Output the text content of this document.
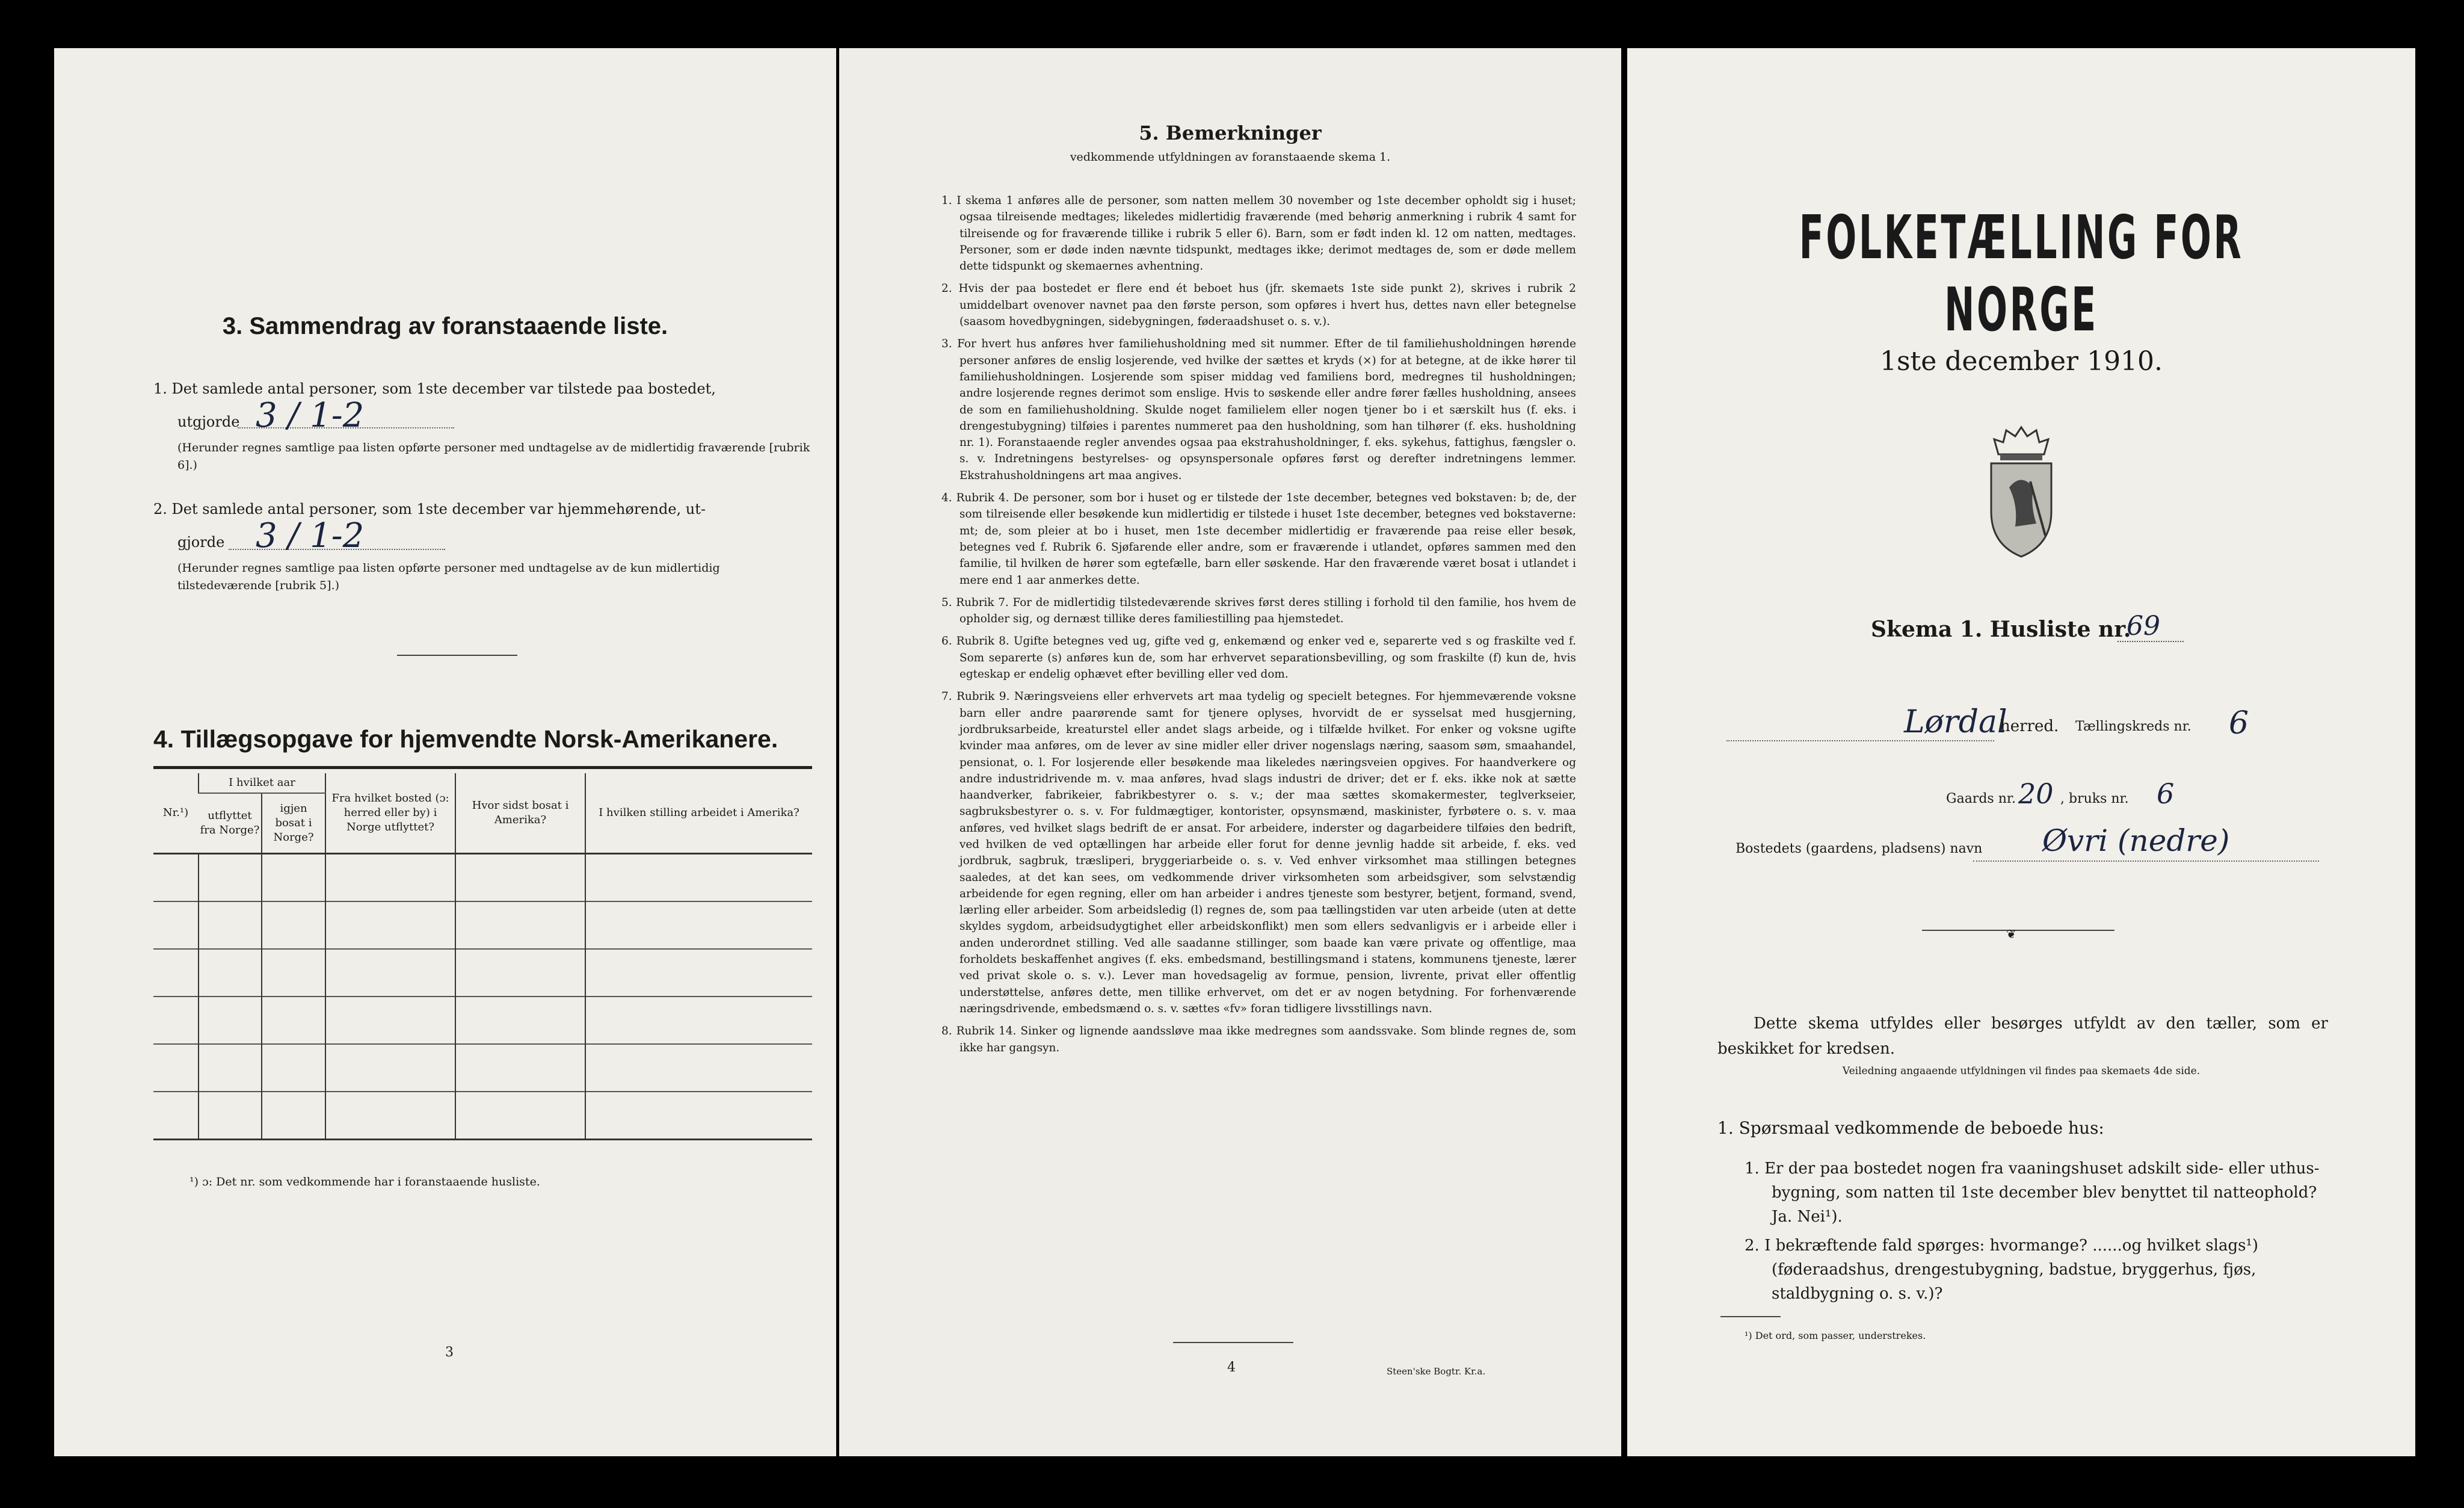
3. Sammendrag av foranstaaende liste.
1. Det samlede antal personer, som 1ste december var tilstede paa bostedet,
utgjorde 3 / 1-2
(Herunder regnes samtlige paa listen opførte personer med undtagelse av de midlertidig fraværende [rubrik 6].)
2. Det samlede antal personer, som 1ste december var hjemmehørende, ut-
gjorde 3 / 1-2
(Herunder regnes samtlige paa listen opførte personer med undtagelse av de kun midlertidig tilstedeværende [rubrik 5].)
4. Tillægsopgave for hjemvendte Norsk-Amerikanere.
Nr.¹)	I hvilket aar		Fra hvilket bosted (ɔ: herred eller by) i Norge utflyttet?	Hvor sidst bosat i Amerika?	I hvilken stilling arbeidet i Amerika?
	utflyttet fra Norge?	igjen bosat i Norge?			

¹) ɔ: Det nr. som vedkommende har i foranstaaende husliste.
3
5. Bemerkninger
vedkommende utfyldningen av foranstaaende skema 1.

1. I skema 1 anføres alle de personer, som natten mellem 30 november og 1ste december opholdt sig i huset; ogsaa tilreisende medtages; likeledes midlertidig fraværende (med behørig anmerkning i rubrik 4 samt for tilreisende og for fraværende tillike i rubrik 5 eller 6). Barn, som er født inden kl. 12 om natten, medtages. Personer, som er døde inden nævnte tidspunkt, medtages ikke; derimot medtages de, som er døde mellem dette tidspunkt og skemaernes avhentning.

2. Hvis der paa bostedet er flere end ét beboet hus (jfr. skemaets 1ste side punkt 2), skrives i rubrik 2 umiddelbart ovenover navnet paa den første person, som opføres i hvert hus, dettes navn eller betegnelse (saasom hovedbygningen, sidebygningen, føderaadshuset o. s. v.).

3. For hvert hus anføres hver familiehusholdning med sit nummer. Efter de til familiehusholdningen hørende personer anføres de enslig losjerende, ved hvilke der sættes et kryds (×) for at betegne, at de ikke hører til familiehusholdningen. Losjerende som spiser middag ved familiens bord, medregnes til husholdningen; andre losjerende regnes derimot som enslige. Hvis to søskende eller andre fører fælles husholdning, ansees de som en familiehusholdning. Skulde noget familielem eller nogen tjener bo i et særskilt hus (f. eks. i drengestubygning) tilføies i parentes nummeret paa den husholdning, som han tilhører (f. eks. husholdning nr. 1). Foranstaaende regler anvendes ogsaa paa ekstrahusholdninger, f. eks. sykehus, fattighus, fængsler o. s. v. Indretningens bestyrelses- og opsynspersonale opføres først og derefter indretningens lemmer. Ekstrahusholdningens art maa angives.

4. Rubrik 4. De personer, som bor i huset og er tilstede der 1ste december, betegnes ved bokstaven: b; de, der som tilreisende eller besøkende kun midlertidig er tilstede i huset 1ste december, betegnes ved bokstaverne: mt; de, som pleier at bo i huset, men 1ste december midlertidig er fraværende paa reise eller besøk, betegnes ved f. Rubrik 6. Sjøfarende eller andre, som er fraværende i utlandet, opføres sammen med den familie, til hvilken de hører som egtefælle, barn eller søskende. Har den fraværende været bosat i utlandet i mere end 1 aar anmerkes dette.

5. Rubrik 7. For de midlertidig tilstedeværende skrives først deres stilling i forhold til den familie, hos hvem de opholder sig, og dernæst tillike deres familiestilling paa hjemstedet.

6. Rubrik 8. Ugifte betegnes ved ug, gifte ved g, enkemænd og enker ved e, separerte ved s og fraskilte ved f. Som separerte (s) anføres kun de, som har erhvervet separationsbevilling, og som fraskilte (f) kun de, hvis egteskap er endelig ophævet efter bevilling eller ved dom.

7. Rubrik 9. Næringsveiens eller erhvervets art maa tydelig og specielt betegnes. For hjemmeværende voksne barn eller andre paarørende samt for tjenere oplyses, hvorvidt de er sysselsat med husgjerning, jordbruksarbeide, kreaturstel eller andet slags arbeide, og i tilfælde hvilket. For enker og voksne ugifte kvinder maa anføres, om de lever av sine midler eller driver nogenslags næring, saasom søm, smaahandel, pensionat, o. l. For losjerende eller besøkende maa likeledes næringsveien opgives. For haandverkere og andre industridrivende m. v. maa anføres, hvad slags industri de driver; det er f. eks. ikke nok at sætte haandverker, fabrikeier, fabrikbestyrer o. s. v.; der maa sættes skomakermester, teglverkseier, sagbruksbestyrer o. s. v. For fuldmægtiger, kontorister, opsynsmænd, maskinister, fyrbøtere o. s. v. maa anføres, ved hvilket slags bedrift de er ansat. For arbeidere, inderster og dagarbeidere tilføies den bedrift, ved hvilken de ved optællingen har arbeide eller forut for denne jevnlig hadde sit arbeide, f. eks. ved jordbruk, sagbruk, træsliperi, bryggeriarbeide o. s. v. Ved enhver virksomhet maa stillingen betegnes saaledes, at det kan sees, om vedkommende driver virksomheten som arbeidsgiver, som selvstændig arbeidende for egen regning, eller om han arbeider i andres tjeneste som bestyrer, betjent, formand, svend, lærling eller arbeider. Som arbeidsledig (l) regnes de, som paa tællingstiden var uten arbeide (uten at dette skyldes sygdom, arbeidsudygtighet eller arbeidskonflikt) men som ellers sedvanligvis er i arbeide eller i anden underordnet stilling. Ved alle saadanne stillinger, som baade kan være private og offentlige, maa forholdets beskaffenhet angives (f. eks. embedsmand, bestillingsmand i statens, kommunens tjeneste, lærer ved privat skole o. s. v.). Lever man hovedsagelig av formue, pension, livrente, privat eller offentlig understøttelse, anføres dette, men tillike erhvervet, om det er av nogen betydning. For forhenværende næringsdrivende, embedsmænd o. s. v. sættes «fv» foran tidligere livsstillings navn.

8. Rubrik 14. Sinker og lignende aandssløve maa ikke medregnes som aandssvake. Som blinde regnes de, som ikke har gangsyn.

4	Steen'ske Bogtr. Kr.a.
FOLKETÆLLING FOR NORGE
1ste december 1910.
Skema 1. Husliste nr.
69
Lørdal
herred. Tællingskreds nr. 6
Gaards nr. 20 , bruks nr. 6
Bostedets (gaardens, pladsens) navn Øvri (nedre)
❦
Dette skema utfyldes eller besørges utfyldt av den tæller, som er beskikket for kredsen.
Veiledning angaaende utfyldningen vil findes paa skemaets 4de side.
1. Spørsmaal vedkommende de beboede hus:
1. Er der paa bostedet nogen fra vaaningshuset adskilt side- eller uthus-bygning, som natten til 1ste december blev benyttet til natteophold? Ja. Nei¹).
2. I bekræftende fald spørges: hvormange? ......og hvilket slags¹) (føderaadshus, drengestubygning, badstue, bryggerhus, fjøs, staldbygning o. s. v.)?
¹) Det ord, som passer, understrekes.
